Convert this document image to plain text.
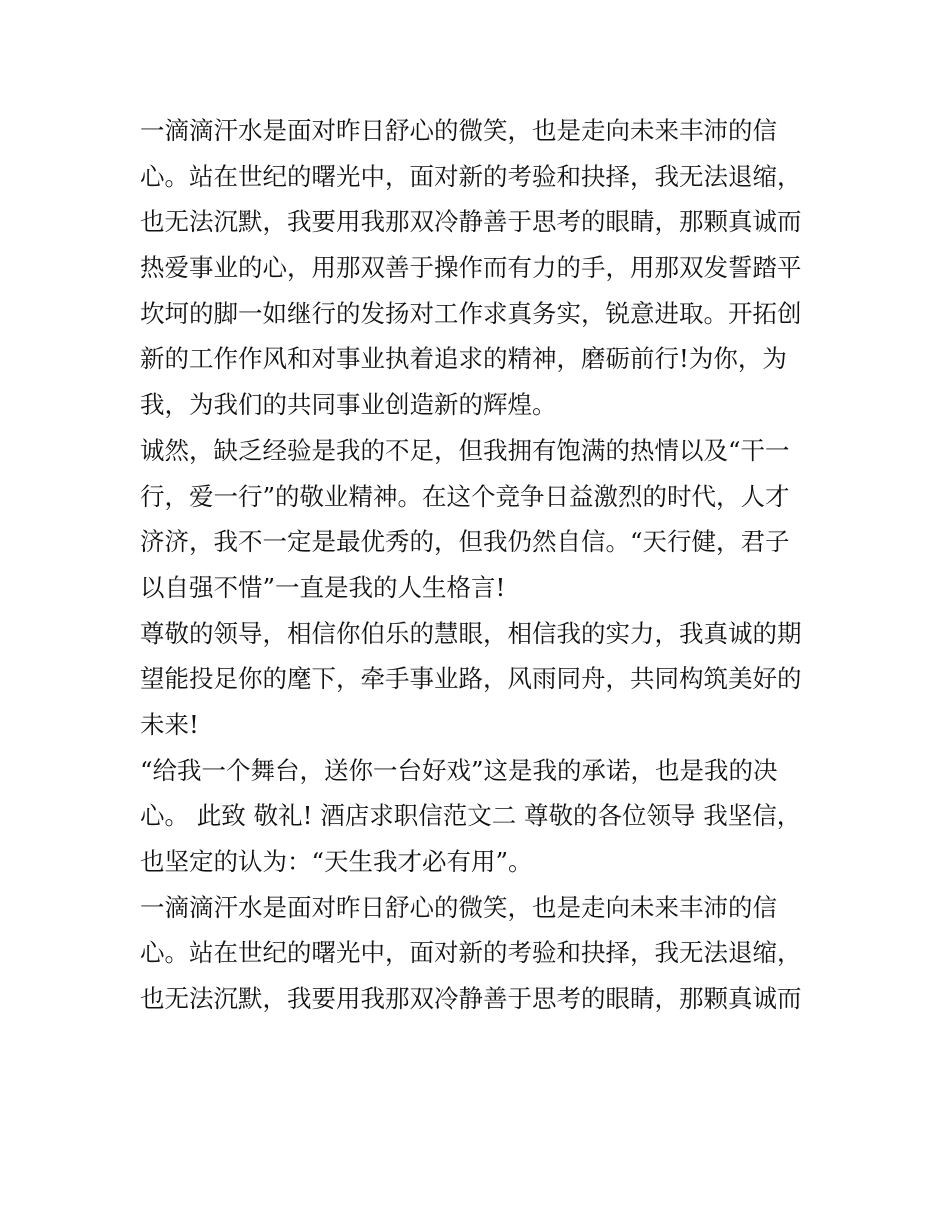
一滴滴汗水是面对昨日舒心的微笑，也是走向未来丰沛的信
心。站在世纪的曙光中，面对新的考验和抉择，我无法退缩，
也无法沉默，我要用我那双冷静善于思考的眼睛，那颗真诚而
热爱事业的心，用那双善于操作而有力的手，用那双发誓踏平
坎坷的脚一如继行的发扬对工作求真务实，锐意进取。开拓创
新的工作作风和对事业执着追求的精神，磨砺前行!为你，为
我，为我们的共同事业创造新的辉煌。
诚然，缺乏经验是我的不足，但我拥有饱满的热情以及“干一
行，爱一行”的敬业精神。在这个竞争日益激烈的时代，人才
济济，我不一定是最优秀的，但我仍然自信。“天行健，君子
以自强不惜”一直是我的人生格言!
尊敬的领导，相信你伯乐的慧眼，相信我的实力，我真诚的期
望能投足你的麾下，牵手事业路，风雨同舟，共同构筑美好的
未来!
“给我一个舞台，送你一台好戏”这是我的承诺，也是我的决
心。 此致 敬礼! 酒店求职信范文二 尊敬的各位领导 我坚信，
也坚定的认为：“天生我才必有用”。
一滴滴汗水是面对昨日舒心的微笑，也是走向未来丰沛的信
心。站在世纪的曙光中，面对新的考验和抉择，我无法退缩，
也无法沉默，我要用我那双冷静善于思考的眼睛，那颗真诚而
